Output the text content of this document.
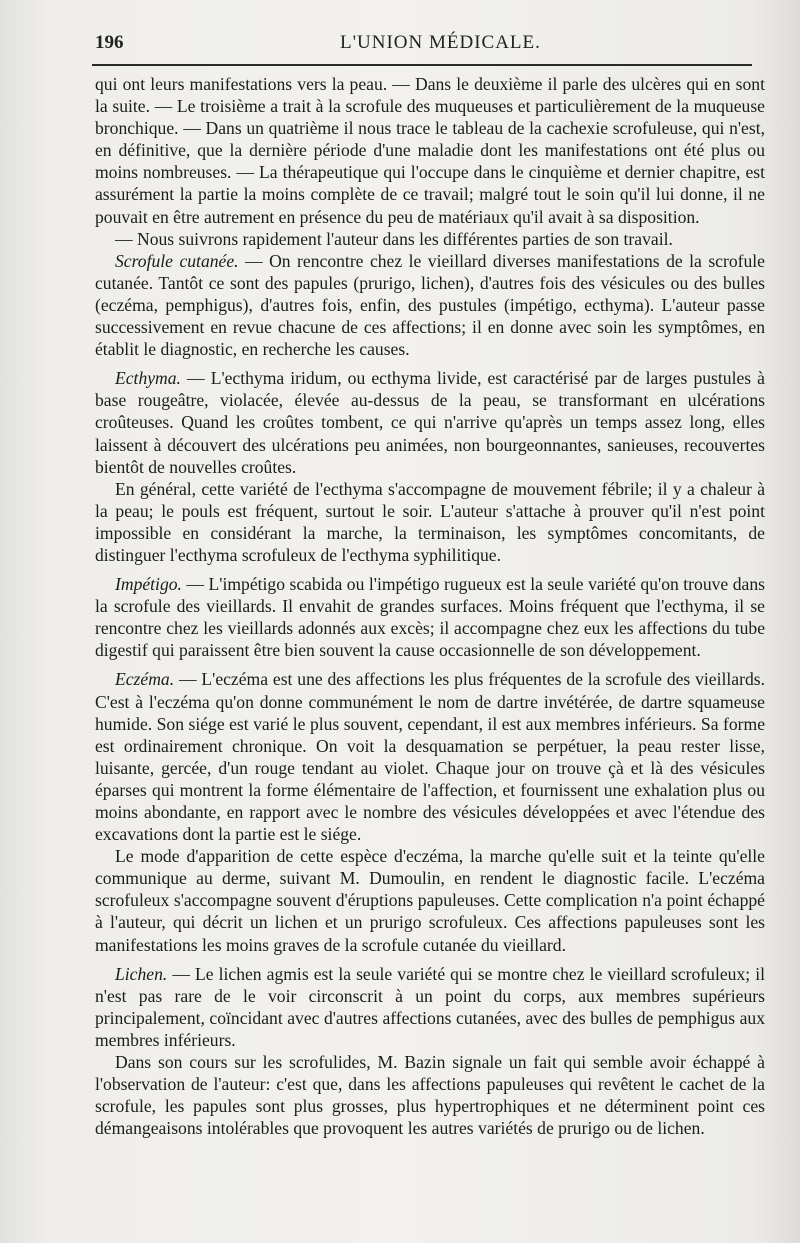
196	L'UNION MÉDICALE.

qui ont leurs manifestations vers la peau. — Dans le deuxième il parle des ulcères qui en sont la suite. — Le troisième a trait à la scrofule des muqueuses et particulièrement de la muqueuse bronchique. — Dans un quatrième il nous trace le tableau de la cachexie scrofuleuse, qui n'est, en définitive, que la dernière période d'une maladie dont les manifestations ont été plus ou moins nombreuses. — La thérapeutique qui l'occupe dans le cinquième et dernier chapitre, est assurément la partie la moins complète de ce travail; malgré tout le soin qu'il lui donne, il ne pouvait en être autrement en présence du peu de matériaux qu'il avait à sa disposition.

— Nous suivrons rapidement l'auteur dans les différentes parties de son travail.

Scrofule cutanée. — On rencontre chez le vieillard diverses manifestations de la scrofule cutanée. Tantôt ce sont des papules (prurigo, lichen), d'autres fois des vésicules ou des bulles (eczéma, pemphigus), d'autres fois, enfin, des pustules (impétigo, ecthyma). L'auteur passe successivement en revue chacune de ces affections; il en donne avec soin les symptômes, en établit le diagnostic, en recherche les causes.

Ecthyma. — L'ecthyma iridum, ou ecthyma livide, est caractérisé par de larges pustules à base rougeâtre, violacée, élevée au-dessus de la peau, se transformant en ulcérations croûteuses. Quand les croûtes tombent, ce qui n'arrive qu'après un temps assez long, elles laissent à découvert des ulcérations peu animées, non bourgeonnantes, sanieuses, recouvertes bientôt de nouvelles croûtes.

En général, cette variété de l'ecthyma s'accompagne de mouvement fébrile; il y a chaleur à la peau; le pouls est fréquent, surtout le soir. L'auteur s'attache à prouver qu'il n'est point impossible en considérant la marche, la terminaison, les symptômes concomitants, de distinguer l'ecthyma scrofuleux de l'ecthyma syphilitique.

Impétigo. — L'impétigo scabida ou l'impétigo rugueux est la seule variété qu'on trouve dans la scrofule des vieillards. Il envahit de grandes surfaces. Moins fréquent que l'ecthyma, il se rencontre chez les vieillards adonnés aux excès; il accompagne chez eux les affections du tube digestif qui paraissent être bien souvent la cause occasionnelle de son développement.

Eczéma. — L'eczéma est une des affections les plus fréquentes de la scrofule des vieillards. C'est à l'eczéma qu'on donne communément le nom de dartre invétérée, de dartre squameuse humide. Son siége est varié le plus souvent, cependant, il est aux membres inférieurs. Sa forme est ordinairement chronique. On voit la desquamation se perpétuer, la peau rester lisse, luisante, gercée, d'un rouge tendant au violet. Chaque jour on trouve çà et là des vésicules éparses qui montrent la forme élémentaire de l'affection, et fournissent une exhalation plus ou moins abondante, en rapport avec le nombre des vésicules développées et avec l'étendue des excavations dont la partie est le siége.

Le mode d'apparition de cette espèce d'eczéma, la marche qu'elle suit et la teinte qu'elle communique au derme, suivant M. Dumoulin, en rendent le diagnostic facile. L'eczéma scrofuleux s'accompagne souvent d'éruptions papuleuses. Cette complication n'a point échappé à l'auteur, qui décrit un lichen et un prurigo scrofuleux. Ces affections papuleuses sont les manifestations les moins graves de la scrofule cutanée du vieillard.

Lichen. — Le lichen agmis est la seule variété qui se montre chez le vieillard scrofuleux; il n'est pas rare de le voir circonscrit à un point du corps, aux membres supérieurs principalement, coïncidant avec d'autres affections cutanées, avec des bulles de pemphigus aux membres inférieurs.

Dans son cours sur les scrofulides, M. Bazin signale un fait qui semble avoir échappé à l'observation de l'auteur: c'est que, dans les affections papuleuses qui revêtent le cachet de la scrofule, les papules sont plus grosses, plus hypertrophiques et ne déterminent point ces démangeaisons intolérables que provoquent les autres variétés de prurigo ou de lichen.
